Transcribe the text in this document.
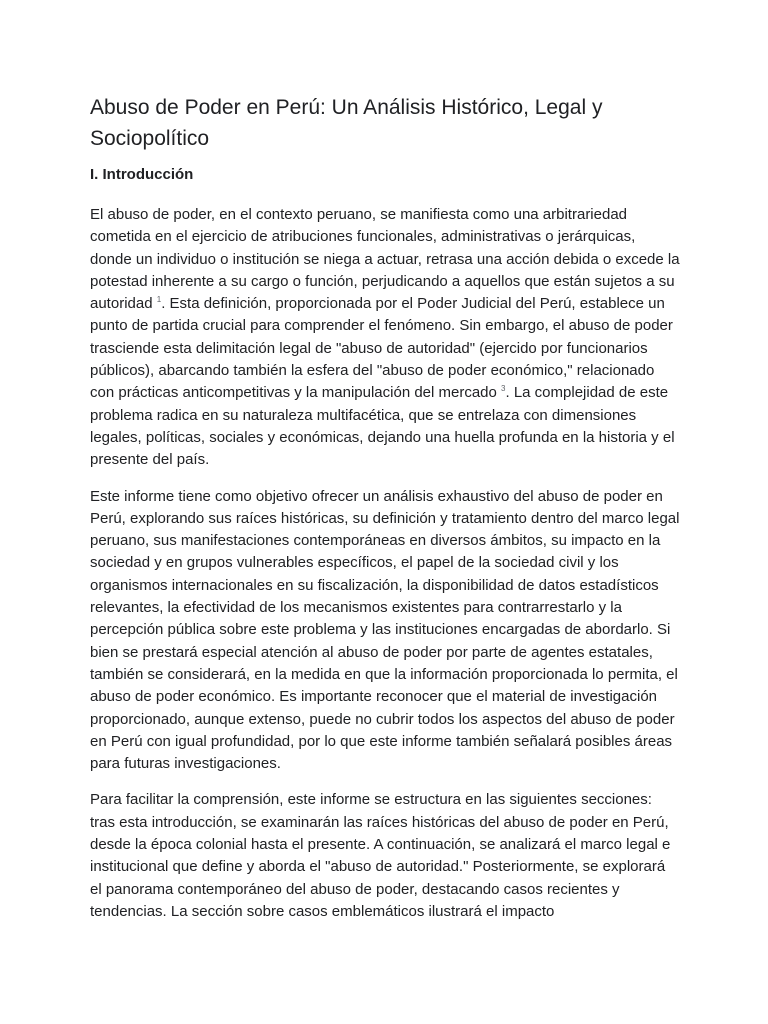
Abuso de Poder en Perú: Un Análisis Histórico, Legal y Sociopolítico
I. Introducción

El abuso de poder, en el contexto peruano, se manifiesta como una arbitrariedad cometida en el ejercicio de atribuciones funcionales, administrativas o jerárquicas, donde un individuo o institución se niega a actuar, retrasa una acción debida o excede la potestad inherente a su cargo o función, perjudicando a aquellos que están sujetos a su autoridad $^1$. Esta definición, proporcionada por el Poder Judicial del Perú, establece un punto de partida crucial para comprender el fenómeno. Sin embargo, el abuso de poder trasciende esta delimitación legal de "abuso de autoridad" (ejercido por funcionarios públicos), abarcando también la esfera del "abuso de poder económico," relacionado con prácticas anticompetitivas y la manipulación del mercado $^3$. La complejidad de este problema radica en su naturaleza multifacética, que se entrelaza con dimensiones legales, políticas, sociales y económicas, dejando una huella profunda en la historia y el presente del país.

Este informe tiene como objetivo ofrecer un análisis exhaustivo del abuso de poder en Perú, explorando sus raíces históricas, su definición y tratamiento dentro del marco legal peruano, sus manifestaciones contemporáneas en diversos ámbitos, su impacto en la sociedad y en grupos vulnerables específicos, el papel de la sociedad civil y los organismos internacionales en su fiscalización, la disponibilidad de datos estadísticos relevantes, la efectividad de los mecanismos existentes para contrarrestarlo y la percepción pública sobre este problema y las instituciones encargadas de abordarlo. Si bien se prestará especial atención al abuso de poder por parte de agentes estatales, también se considerará, en la medida en que la información proporcionada lo permita, el abuso de poder económico. Es importante reconocer que el material de investigación proporcionado, aunque extenso, puede no cubrir todos los aspectos del abuso de poder en Perú con igual profundidad, por lo que este informe también señalará posibles áreas para futuras investigaciones.

Para facilitar la comprensión, este informe se estructura en las siguientes secciones: tras esta introducción, se examinarán las raíces históricas del abuso de poder en Perú, desde la época colonial hasta el presente. A continuación, se analizará el marco legal e institucional que define y aborda el "abuso de autoridad." Posteriormente, se explorará el panorama contemporáneo del abuso de poder, destacando casos recientes y tendencias. La sección sobre casos emblemáticos ilustrará el impacto
